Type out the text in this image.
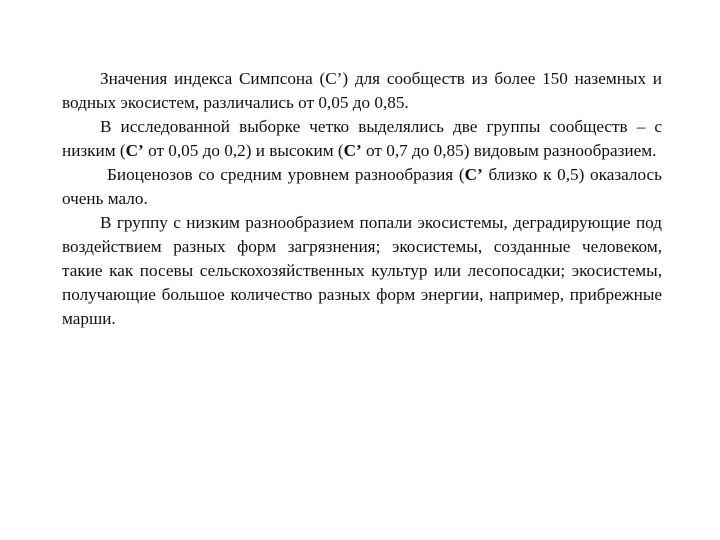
Значения индекса Симпсона (С’) для сообществ из более 150 наземных и водных экосистем, различались от 0,05 до 0,85.

В исследованной выборке четко выделялись две группы сообществ – с низким (С’ от 0,05 до 0,2) и высоким (С’ от 0,7 до 0,85) видовым разнообразием.

Биоценозов со средним уровнем разнообразия (С’ близко к 0,5) оказалось очень мало.

В группу с низким разнообразием попали экосистемы, деградирующие под воздействием разных форм загрязнения; экосистемы, созданные человеком, такие как посевы сельскохозяйственных культур или лесопосадки; экосистемы, получающие большое количество разных форм энергии, например, прибрежные марши.
